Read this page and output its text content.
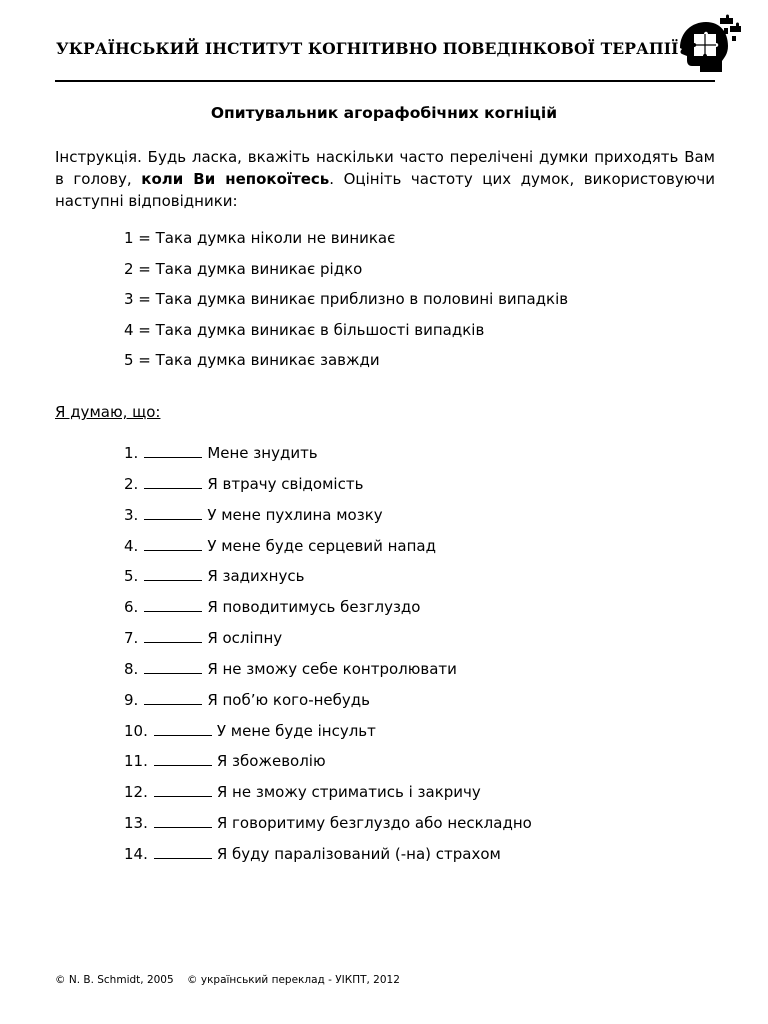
УКРАЇНСЬКИЙ ІНСТИТУТ КОГНІТИВНО ПОВЕДІНКОВОЇ ТЕРАПІЇ
Опитувальник агорафобічних когніцій
Інструкція. Будь ласка, вкажіть наскільки часто перелічені думки приходять Вам в голову, коли Ви непокоїтесь. Оцініть частоту цих думок, використовуючи наступні відповідники:
1 = Така думка ніколи не виникає
2 = Така думка виникає рідко
3 = Така думка виникає приблизно в половині випадків
4 = Така думка виникає в більшості випадків
5 = Така думка виникає завжди
Я думаю, що:
1.	Мене знудить
2.	Я втрачу свідомість
3.	У мене пухлина мозку
4.	У мене буде серцевий напад
5.	Я задихнусь
6.	Я поводитимусь безглуздо
7.	Я осліпну
8.	Я не зможу себе контролювати
9.	Я поб’ю кого-небудь
10.	У мене буде інсульт
11.	Я збожеволію
12.	Я не зможу стриматись і закричу
13.	Я говоритиму безглуздо або нескладно
14.	Я буду паралізований (-на) страхом
© N. B. Schmidt, 2005 © український переклад - УІКПТ, 2012
